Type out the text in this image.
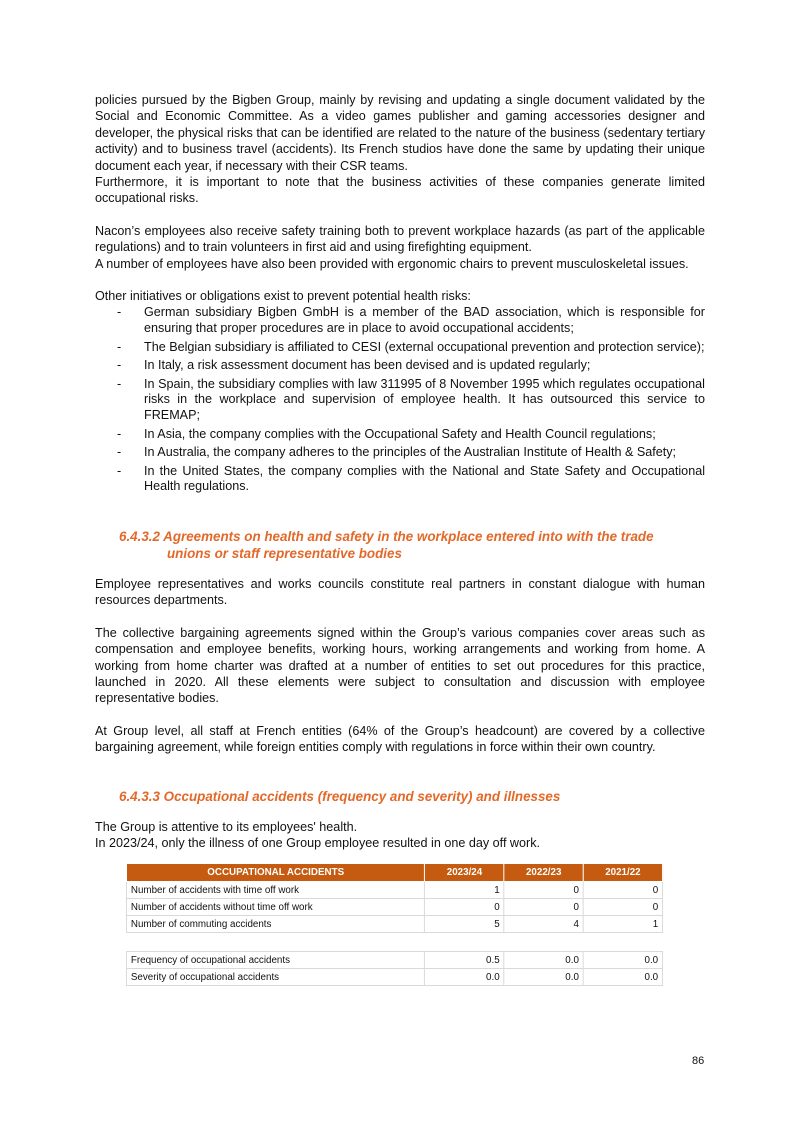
policies pursued by the Bigben Group, mainly by revising and updating a single document validated by the Social and Economic Committee. As a video games publisher and gaming accessories designer and developer, the physical risks that can be identified are related to the nature of the business (sedentary tertiary activity) and to business travel (accidents). Its French studios have done the same by updating their unique document each year, if necessary with their CSR teams.

Furthermore, it is important to note that the business activities of these companies generate limited occupational risks.

Nacon’s employees also receive safety training both to prevent workplace hazards (as part of the applicable regulations) and to train volunteers in first aid and using firefighting equipment.

A number of employees have also been provided with ergonomic chairs to prevent musculoskeletal issues.

Other initiatives or obligations exist to prevent potential health risks:

- German subsidiary Bigben GmbH is a member of the BAD association, which is responsible for ensuring that proper procedures are in place to avoid occupational accidents;
- The Belgian subsidiary is affiliated to CESI (external occupational prevention and protection service);
- In Italy, a risk assessment document has been devised and is updated regularly;
- In Spain, the subsidiary complies with law 311995 of 8 November 1995 which regulates occupational risks in the workplace and supervision of employee health. It has outsourced this service to FREMAP;
- In Asia, the company complies with the Occupational Safety and Health Council regulations;
- In Australia, the company adheres to the principles of the Australian Institute of Health & Safety;
- In the United States, the company complies with the National and State Safety and Occupational Health regulations.
6.4.3.2 Agreements on health and safety in the workplace entered into with the trade
unions or staff representative bodies

Employee representatives and works councils constitute real partners in constant dialogue with human resources departments.

The collective bargaining agreements signed within the Group’s various companies cover areas such as compensation and employee benefits, working hours, working arrangements and working from home. A working from home charter was drafted at a number of entities to set out procedures for this practice, launched in 2020. All these elements were subject to consultation and discussion with employee representative bodies.

At Group level, all staff at French entities (64% of the Group’s headcount) are covered by a collective bargaining agreement, while foreign entities comply with regulations in force within their own country.

6.4.3.3 Occupational accidents (frequency and severity) and illnesses

The Group is attentive to its employees' health.

In 2023/24, only the illness of one Group employee resulted in one day off work.

OCCUPATIONAL ACCIDENTS	2023/24	2022/23	2021/22
Number of accidents with time off work	1	0	0
Number of accidents without time off work	0	0	0
Number of commuting accidents	5	4	1

Frequency of occupational accidents	0.5	0.0	0.0
Severity of occupational accidents	0.0	0.0	0.0
86
